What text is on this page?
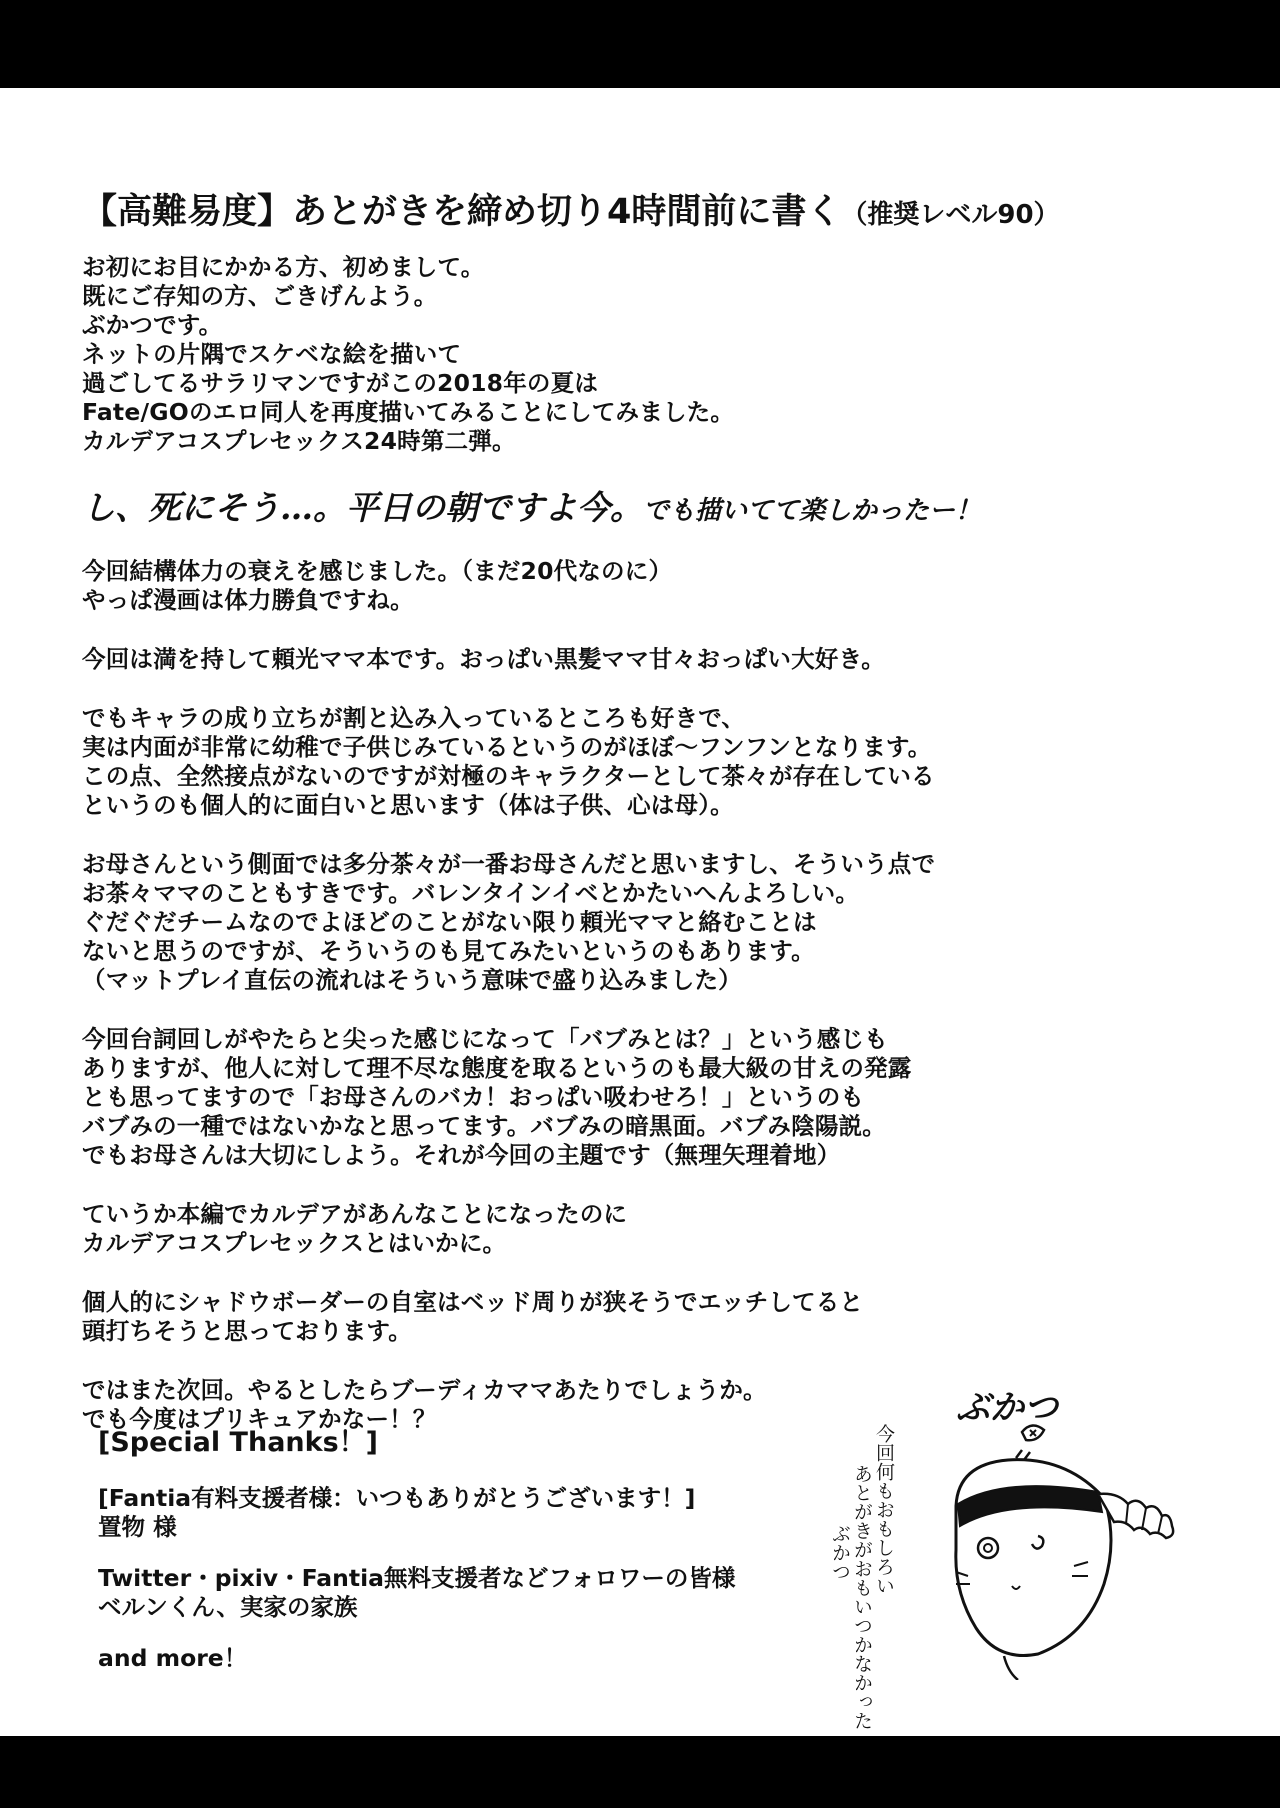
【高難易度】あとがきを締め切り4時間前に書く（推奨レベル90）
お初にお目にかかる方、初めまして。
既にご存知の方、ごきげんよう。
ぶかつです。
ネットの片隅でスケベな絵を描いて
過ごしてるサラリマンですがこの2018年の夏は
Fate/GOのエロ同人を再度描いてみることにしてみました。
カルデアコスプレセックス24時第二弾。
し、死にそう…。平日の朝ですよ今。でも描いてて楽しかったー！
今回結構体力の衰えを感じました。（まだ20代なのに）
やっぱ漫画は体力勝負ですね。
今回は満を持して頼光ママ本です。おっぱい黒髪ママ甘々おっぱい大好き。
でもキャラの成り立ちが割と込み入っているところも好きで、
実は内面が非常に幼稚で子供じみているというのがほぼ〜フンフンとなります。
この点、全然接点がないのですが対極のキャラクターとして茶々が存在している
というのも個人的に面白いと思います（体は子供、心は母）。
お母さんという側面では多分茶々が一番お母さんだと思いますし、そういう点で
お茶々ママのこともすきです。バレンタインイベとかたいへんよろしい。
ぐだぐだチームなのでよほどのことがない限り頼光ママと絡むことは
ないと思うのですが、そういうのも見てみたいというのもあります。
（マットプレイ直伝の流れはそういう意味で盛り込みました）
今回台詞回しがやたらと尖った感じになって「バブみとは？」という感じも
ありますが、他人に対して理不尽な態度を取るというのも最大級の甘えの発露
とも思ってますので「お母さんのバカ！おっぱい吸わせろ！」というのも
バブみの一種ではないかなと思ってます。バブみの暗黒面。バブみ陰陽説。
でもお母さんは大切にしよう。それが今回の主題です（無理矢理着地）
ていうか本編でカルデアがあんなことになったのに
カルデアコスプレセックスとはいかに。
個人的にシャドウボーダーの自室はベッド周りが狭そうでエッチしてると
頭打ちそうと思っております。
ではまた次回。やるとしたらブーディカママあたりでしょうか。
でも今度はプリキュアかなー！？
[Special Thanks！]
[Fantia有料支援者様：いつもありがとうございます！]
置物 様
Twitter・pixiv・Fantia無料支援者などフォロワーの皆様
ベルンくん、実家の家族
and more！
ぶかつ
今回何もおもしろい
あとがきがおもいつかなかった
ぶかつ
